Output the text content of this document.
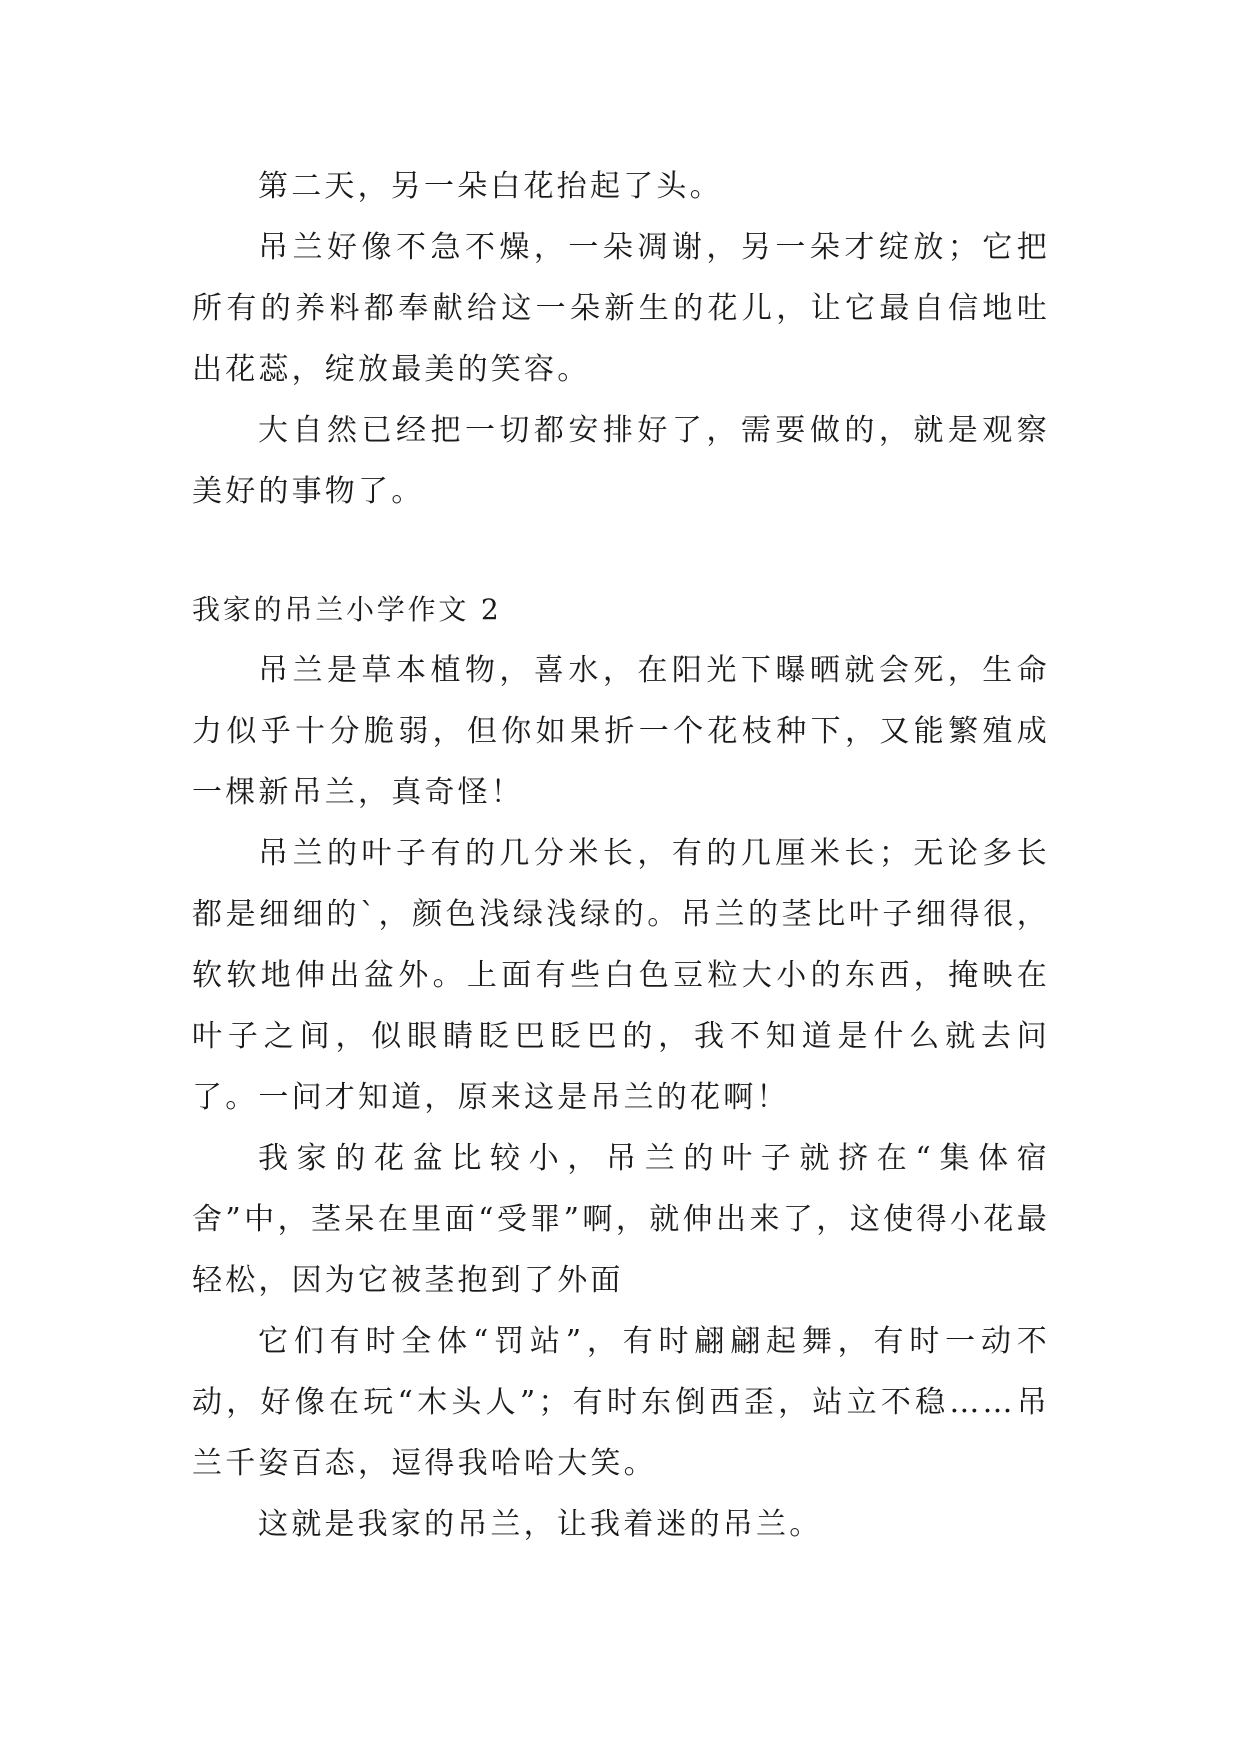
第二天，另一朵白花抬起了头。

吊兰好像不急不燥，一朵凋谢，另一朵才绽放；它把所有的养料都奉献给这一朵新生的花儿，让它最自信地吐出花蕊，绽放最美的笑容。

大自然已经把一切都安排好了，需要做的，就是观察美好的事物了。

我家的吊兰小学作文 2

吊兰是草本植物，喜水，在阳光下曝晒就会死，生命力似乎十分脆弱，但你如果折一个花枝种下，又能繁殖成一棵新吊兰，真奇怪！

吊兰的叶子有的几分米长，有的几厘米长；无论多长都是细细的`，颜色浅绿浅绿的。吊兰的茎比叶子细得很，软软地伸出盆外。上面有些白色豆粒大小的东西，掩映在叶子之间，似眼睛眨巴眨巴的，我不知道是什么就去问了。一问才知道，原来这是吊兰的花啊！

我家的花盆比较小，吊兰的叶子就挤在“集体宿舍”中，茎呆在里面“受罪”啊，就伸出来了，这使得小花最轻松，因为它被茎抱到了外面

它们有时全体“罚站”，有时翩翩起舞，有时一动不动，好像在玩“木头人”；有时东倒西歪，站立不稳……吊兰千姿百态，逗得我哈哈大笑。

这就是我家的吊兰，让我着迷的吊兰。
